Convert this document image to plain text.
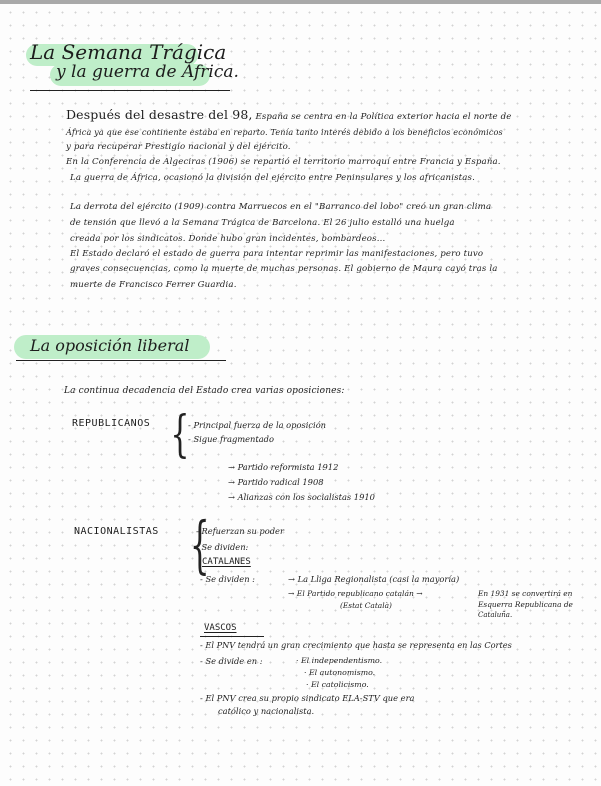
La Semana Trágica
y la guerra de África.
Después del desastre del 98, España se centra en la Política exterior hacia el norte de
África ya que ese continente estaba en reparto. Tenía tanto interés debido a los beneficios económicos
y para recuperar Prestigio nacional y del ejército.
En la Conferencia de Algeciras (1906) se repartió el territorio marroquí entre Francia y España.
La guerra de África, ocasionó la división del ejército entre Peninsulares y los africanistas.
La derrota del ejército (1909) contra Marruecos en el "Barranco del lobo" creó un gran clima
de tensión que llevó a la Semana Trágica de Barcelona. El 26 julio estalló una huelga
creada por los sindicatos. Donde hubo gran incidentes, bombardeos...
El Estado declaró el estado de guerra para intentar reprimir las manifestaciones, pero tuvo
graves consecuencias, como la muerte de muchas personas. El gobierno de Maura cayó tras la
muerte de Francisco Ferrer Guardia.
La oposición liberal
La continua decadencia del Estado crea varias oposiciones:
REPUBLICANOS {
- Principal fuerza de la oposición
- Sigue fragmentado
→ Partido reformista 1912
→ Partido radical 1908
→ Alianzas con los socialistas 1910
NACIONALISTAS {
- Refuerzan su poder
- Se dividen:
CATALANES
- Se dividen :	→ La Lliga Regionalista (casi la mayoría)
→ El Partido republicano catalán →
(Estat Català)
En 1931 se convertirá en
Esquerra Republicana de
Cataluña.
VASCOS
- El PNV tendrá un gran crecimiento que hasta se representa en las Cortes
- Se divide en :	· El independentismo.
· El autonomismo.
· El catolicismo.
- El PNV crea su propio sindicato ELA-STV que era
católico y nacionalista.
